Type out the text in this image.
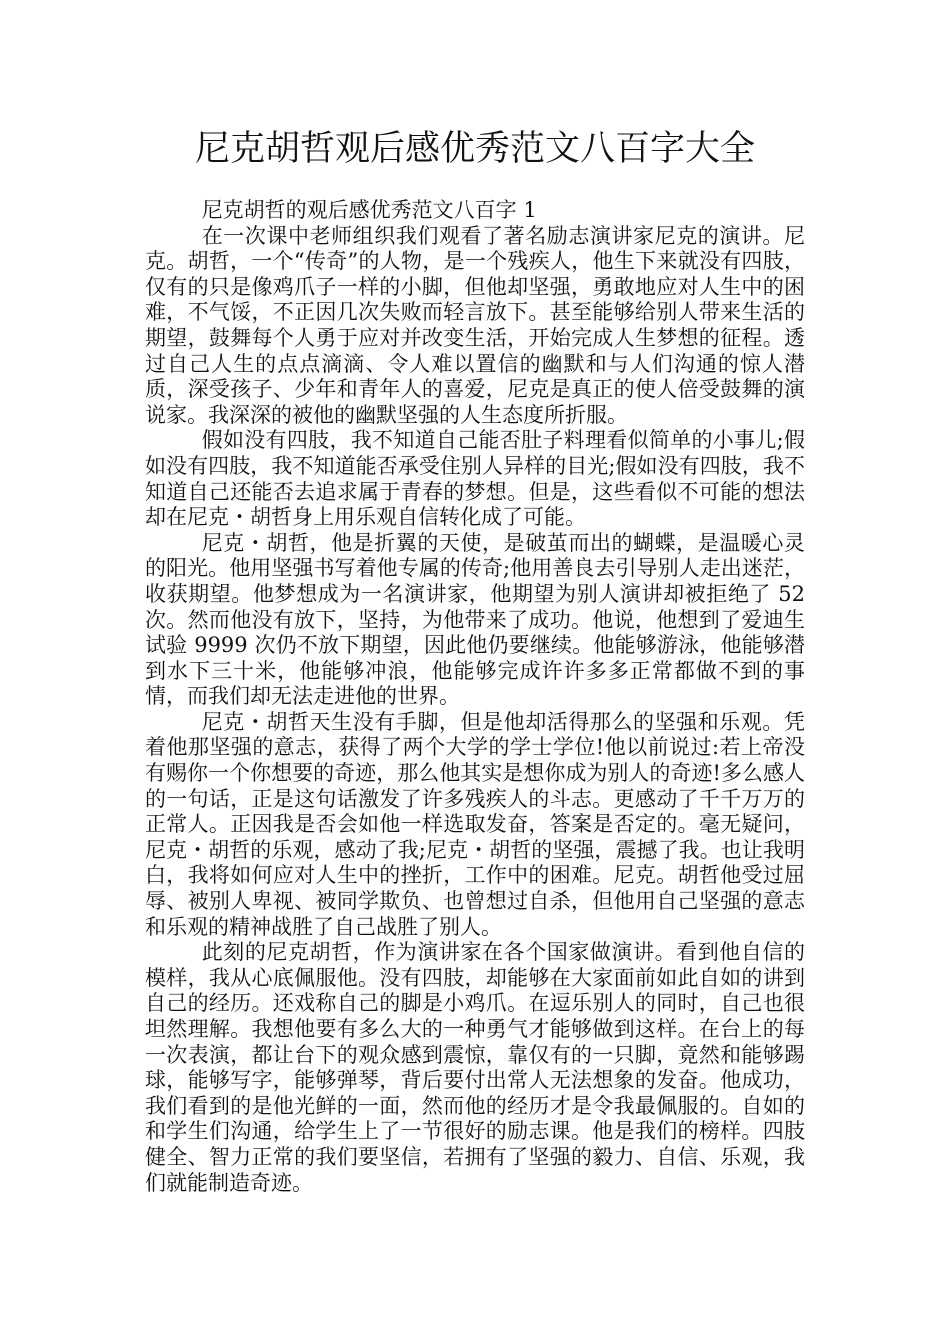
尼克胡哲观后感优秀范文八百字大全

尼克胡哲的观后感优秀范文八百字 1

在一次课中老师组织我们观看了著名励志演讲家尼克的演讲。尼克。胡哲，一个“传奇”的人物，是一个残疾人，他生下来就没有四肢，仅有的只是像鸡爪子一样的小脚，但他却坚强，勇敢地应对人生中的困难，不气馁，不正因几次失败而轻言放下。甚至能够给别人带来生活的期望，鼓舞每个人勇于应对并改变生活，开始完成人生梦想的征程。透过自己人生的点点滴滴、令人难以置信的幽默和与人们沟通的惊人潜质，深受孩子、少年和青年人的喜爱，尼克是真正的使人倍受鼓舞的演说家。我深深的被他的幽默坚强的人生态度所折服。

假如没有四肢，我不知道自己能否肚子料理看似简单的小事儿;假如没有四肢，我不知道能否承受住别人异样的目光;假如没有四肢，我不知道自己还能否去追求属于青春的梦想。但是，这些看似不可能的想法却在尼克・胡哲身上用乐观自信转化成了可能。

尼克・胡哲，他是折翼的天使，是破茧而出的蝴蝶，是温暖心灵的阳光。他用坚强书写着他专属的传奇;他用善良去引导别人走出迷茫，收获期望。他梦想成为一名演讲家，他期望为别人演讲却被拒绝了 52 次。然而他没有放下，坚持，为他带来了成功。他说，他想到了爱迪生试验 9999 次仍不放下期望，因此他仍要继续。他能够游泳，他能够潜到水下三十米，他能够冲浪，他能够完成许许多多正常都做不到的事情，而我们却无法走进他的世界。

尼克・胡哲天生没有手脚，但是他却活得那么的坚强和乐观。凭着他那坚强的意志，获得了两个大学的学士学位!他以前说过:若上帝没有赐你一个你想要的奇迹，那么他其实是想你成为别人的奇迹!多么感人的一句话，正是这句话激发了许多残疾人的斗志。更感动了千千万万的正常人。正因我是否会如他一样选取发奋，答案是否定的。毫无疑问，尼克・胡哲的乐观，感动了我;尼克・胡哲的坚强，震撼了我。也让我明白，我将如何应对人生中的挫折，工作中的困难。尼克。胡哲他受过屈辱、被别人卑视、被同学欺负、也曾想过自杀，但他用自己坚强的意志和乐观的精神战胜了自己战胜了别人。

此刻的尼克胡哲，作为演讲家在各个国家做演讲。看到他自信的模样，我从心底佩服他。没有四肢，却能够在大家面前如此自如的讲到自己的经历。还戏称自己的脚是小鸡爪。在逗乐别人的同时，自己也很坦然理解。我想他要有多么大的一种勇气才能够做到这样。在台上的每一次表演，都让台下的观众感到震惊，靠仅有的一只脚，竟然和能够踢球，能够写字，能够弹琴，背后要付出常人无法想象的发奋。他成功，我们看到的是他光鲜的一面，然而他的经历才是令我最佩服的。自如的和学生们沟通，给学生上了一节很好的励志课。他是我们的榜样。四肢健全、智力正常的我们要坚信，若拥有了坚强的毅力、自信、乐观，我们就能制造奇迹。
